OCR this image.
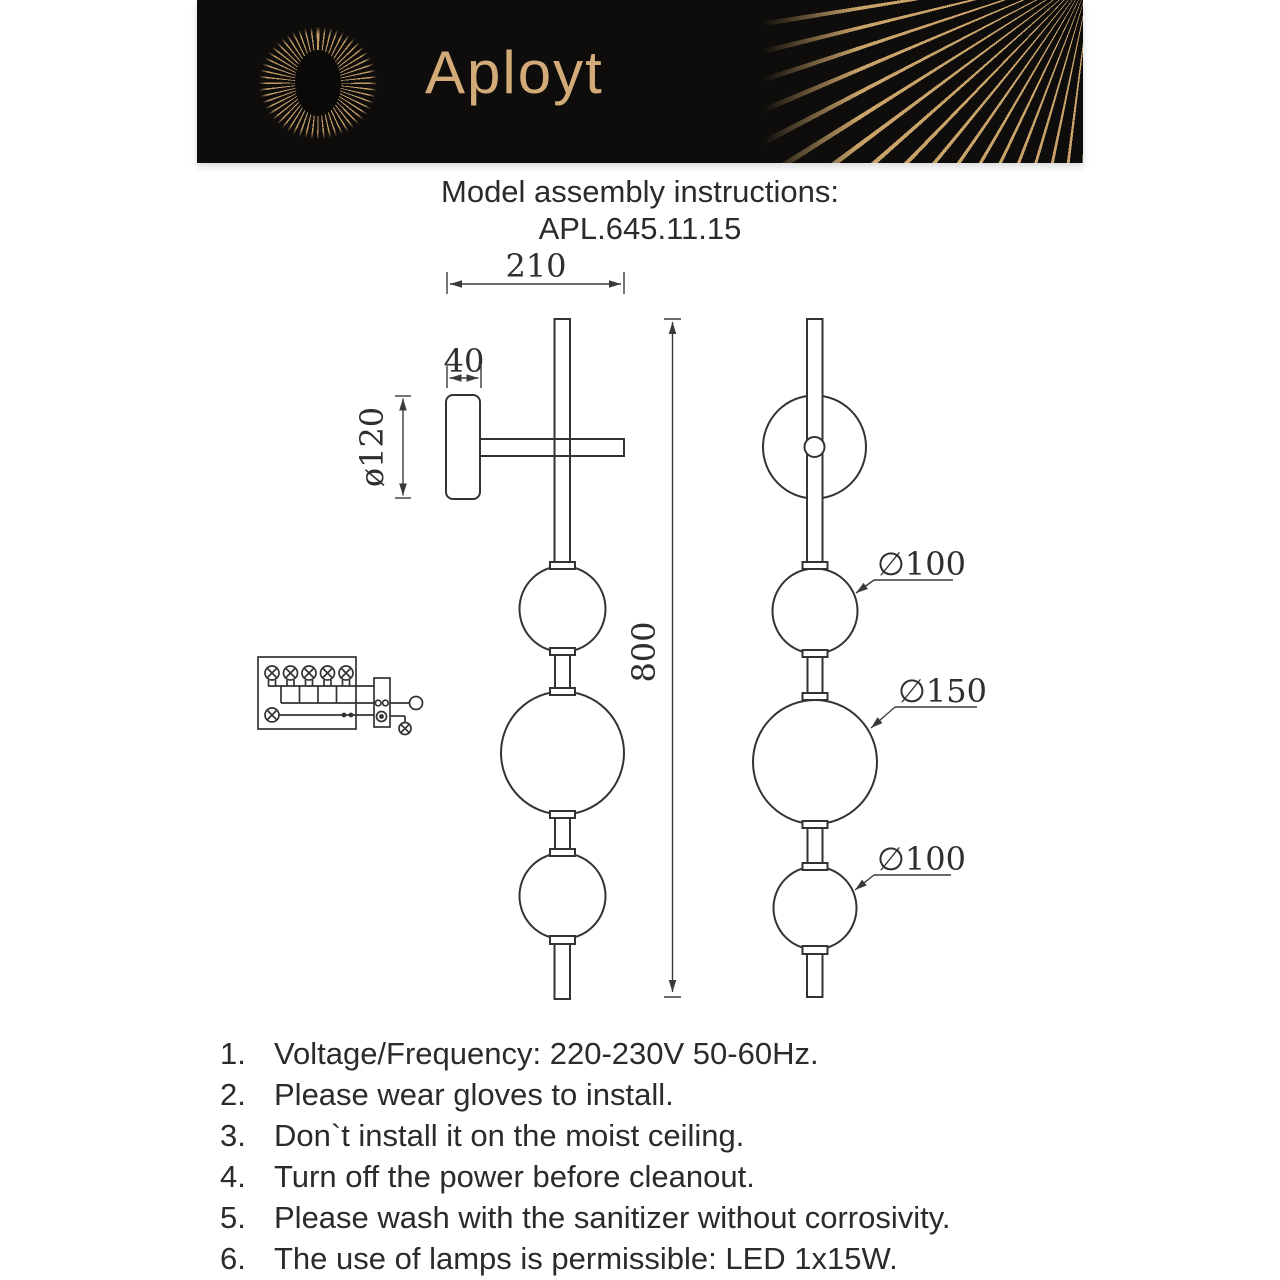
Aployt
Model assembly instructions:
APL.645.11.15
210
40
ø120
800
∅100
∅150
∅100
1. Voltage/Frequency: 220-230V 50-60Hz.
2. Please wear gloves to install.
3. Don`t install it on the moist ceiling.
4. Turn off the power before cleanout.
5. Please wash with the sanitizer without corrosivity.
6. The use of lamps is permissible: LED 1x15W.
